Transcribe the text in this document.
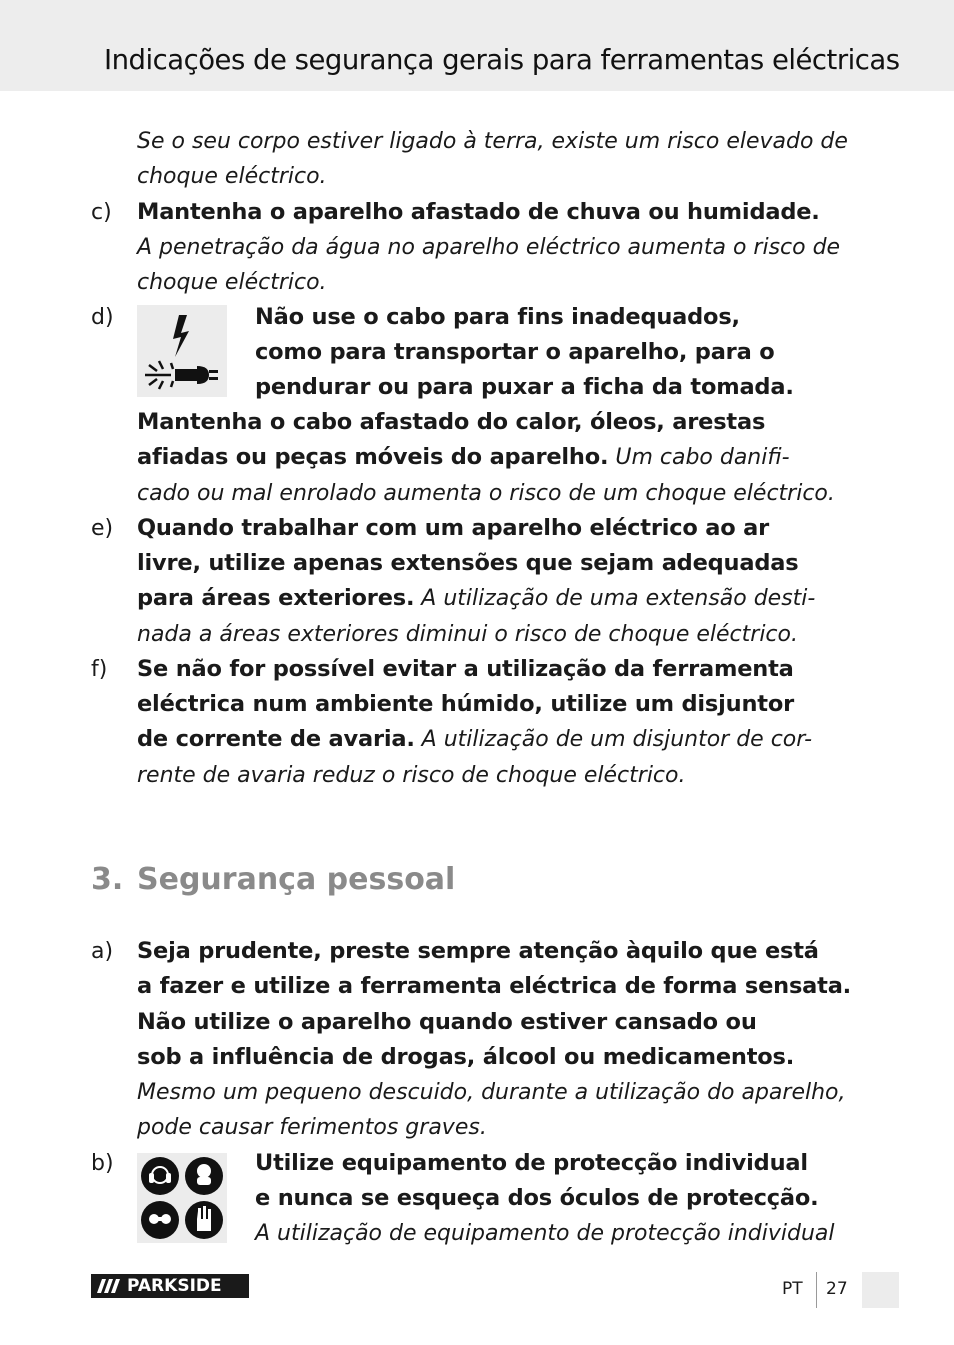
Indicações de segurança gerais para ferramentas eléctricas
Se o seu corpo estiver ligado à terra, existe um risco elevado de
choque eléctrico.
c) Mantenha o aparelho afastado de chuva ou humidade.
A penetração da água no aparelho eléctrico aumenta o risco de
choque eléctrico.
d)	Não use o cabo para fins inadequados,
como para transportar o aparelho, para o
pendurar ou para puxar a ficha da tomada.
Mantenha o cabo afastado do calor, óleos, arestas
afiadas ou peças móveis do aparelho. Um cabo danifi-
cado ou mal enrolado aumenta o risco de um choque eléctrico.
e) Quando trabalhar com um aparelho eléctrico ao ar
livre, utilize apenas extensões que sejam adequadas
para áreas exteriores. A utilização de uma extensão desti-
nada a áreas exteriores diminui o risco de choque eléctrico.
f) Se não for possível evitar a utilização da ferramenta
eléctrica num ambiente húmido, utilize um disjuntor
de corrente de avaria. A utilização de um disjuntor de cor-
rente de avaria reduz o risco de choque eléctrico.
3. Segurança pessoal
a) Seja prudente, preste sempre atenção àquilo que está
a fazer e utilize a ferramenta eléctrica de forma sensata.
Não utilize o aparelho quando estiver cansado ou
sob a influência de drogas, álcool ou medicamentos.
Mesmo um pequeno descuido, durante a utilização do aparelho,
pode causar ferimentos graves.
b)	Utilize equipamento de protecção individual
e nunca se esqueça dos óculos de protecção.
A utilização de equipamento de protecção individual
PARKSIDE	PT 27
